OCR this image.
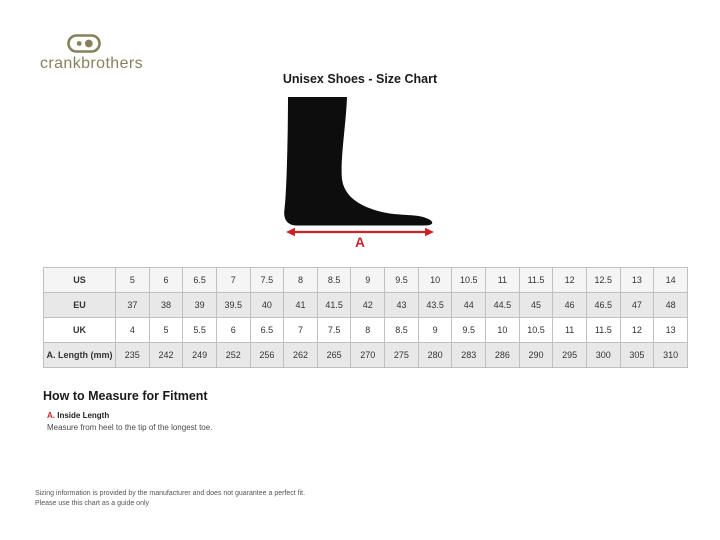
crankbrothers
Unisex Shoes - Size Chart
A
US	5	6	6.5	7	7.5	8	8.5	9	9.5	10	10.5	11	11.5	12	12.5	13	14
EU	37	38	39	39.5	40	41	41.5	42	43	43.5	44	44.5	45	46	46.5	47	48
UK	4	5	5.5	6	6.5	7	7.5	8	8.5	9	9.5	10	10.5	11	11.5	12	13
A. Length (mm)	235	242	249	252	256	262	265	270	275	280	283	286	290	295	300	305	310
How to Measure for Fitment
A. Inside Length
Measure from heel to the tip of the longest toe.
Sizing information is provided by the manufacturer and does not guarantee a perfect fit.
Please use this chart as a guide only
